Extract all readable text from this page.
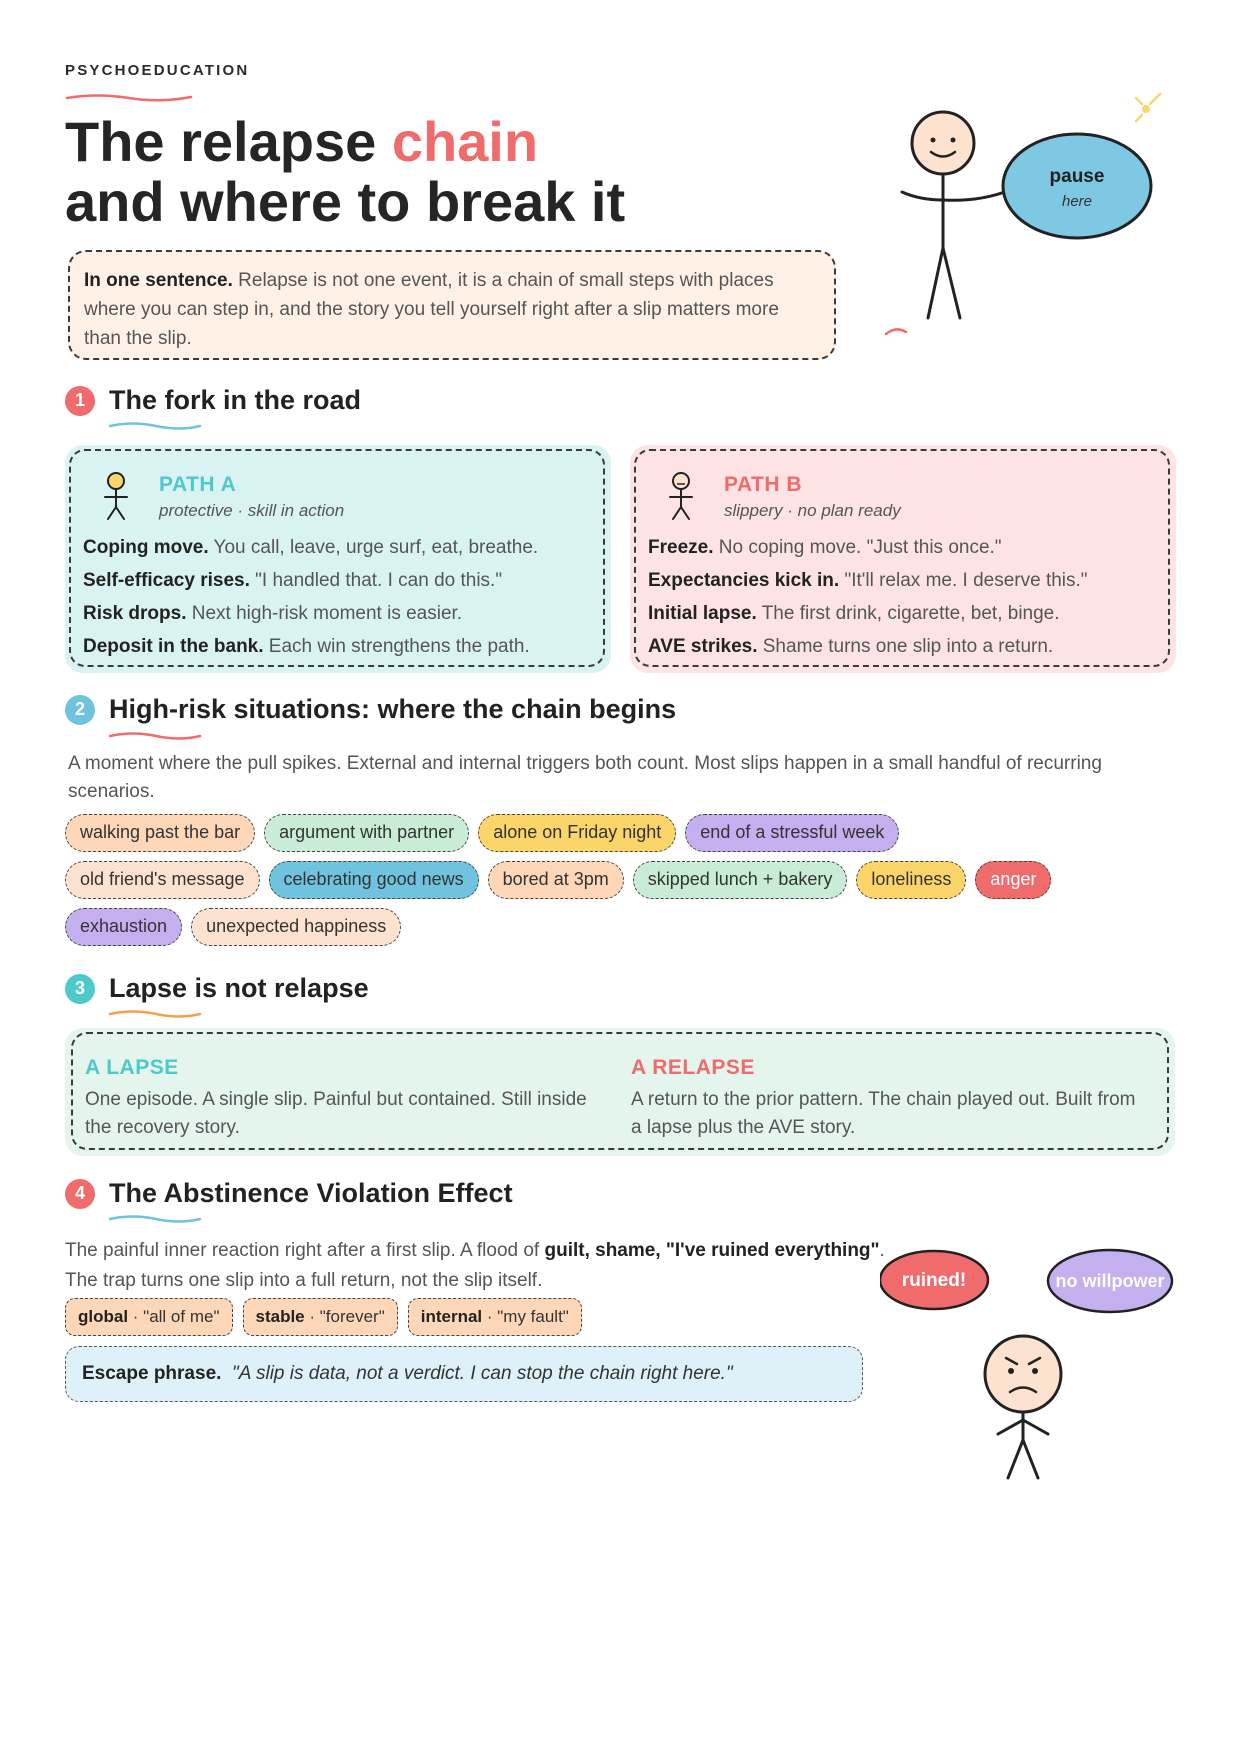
PSYCHOEDUCATION
The relapse chain
and where to break it
In one sentence. Relapse is not one event, it is a chain of small steps with places where you can step in, and the story you tell yourself right after a slip matters more than the slip.
pause
here
1 The fork in the road
PATH A
protective · skill in action
Coping move. You call, leave, urge surf, eat, breathe.
Self-efficacy rises. "I handled that. I can do this."
Risk drops. Next high-risk moment is easier.
Deposit in the bank. Each win strengthens the path.
PATH B
slippery · no plan ready
Freeze. No coping move. "Just this once."
Expectancies kick in. "It'll relax me. I deserve this."
Initial lapse. The first drink, cigarette, bet, binge.
AVE strikes. Shame turns one slip into a return.
2 High-risk situations: where the chain begins
A moment where the pull spikes. External and internal triggers both count. Most slips happen in a small handful of recurring scenarios.
walking past the bar	argument with partner	alone on Friday night	end of a stressful week
old friend's message	celebrating good news	bored at 3pm	skipped lunch + bakery	loneliness	anger
exhaustion	unexpected happiness
3 Lapse is not relapse
A LAPSE
One episode. A single slip. Painful but contained. Still inside the recovery story.
A RELAPSE
A return to the prior pattern. The chain played out. Built from a lapse plus the AVE story.
4 The Abstinence Violation Effect
The painful inner reaction right after a first slip. A flood of guilt, shame, "I've ruined everything". The trap turns one slip into a full return, not the slip itself.
global · "all of me"	stable · "forever"	internal · "my fault"
Escape phrase. "A slip is data, not a verdict. I can stop the chain right here."
ruined!	no willpower
